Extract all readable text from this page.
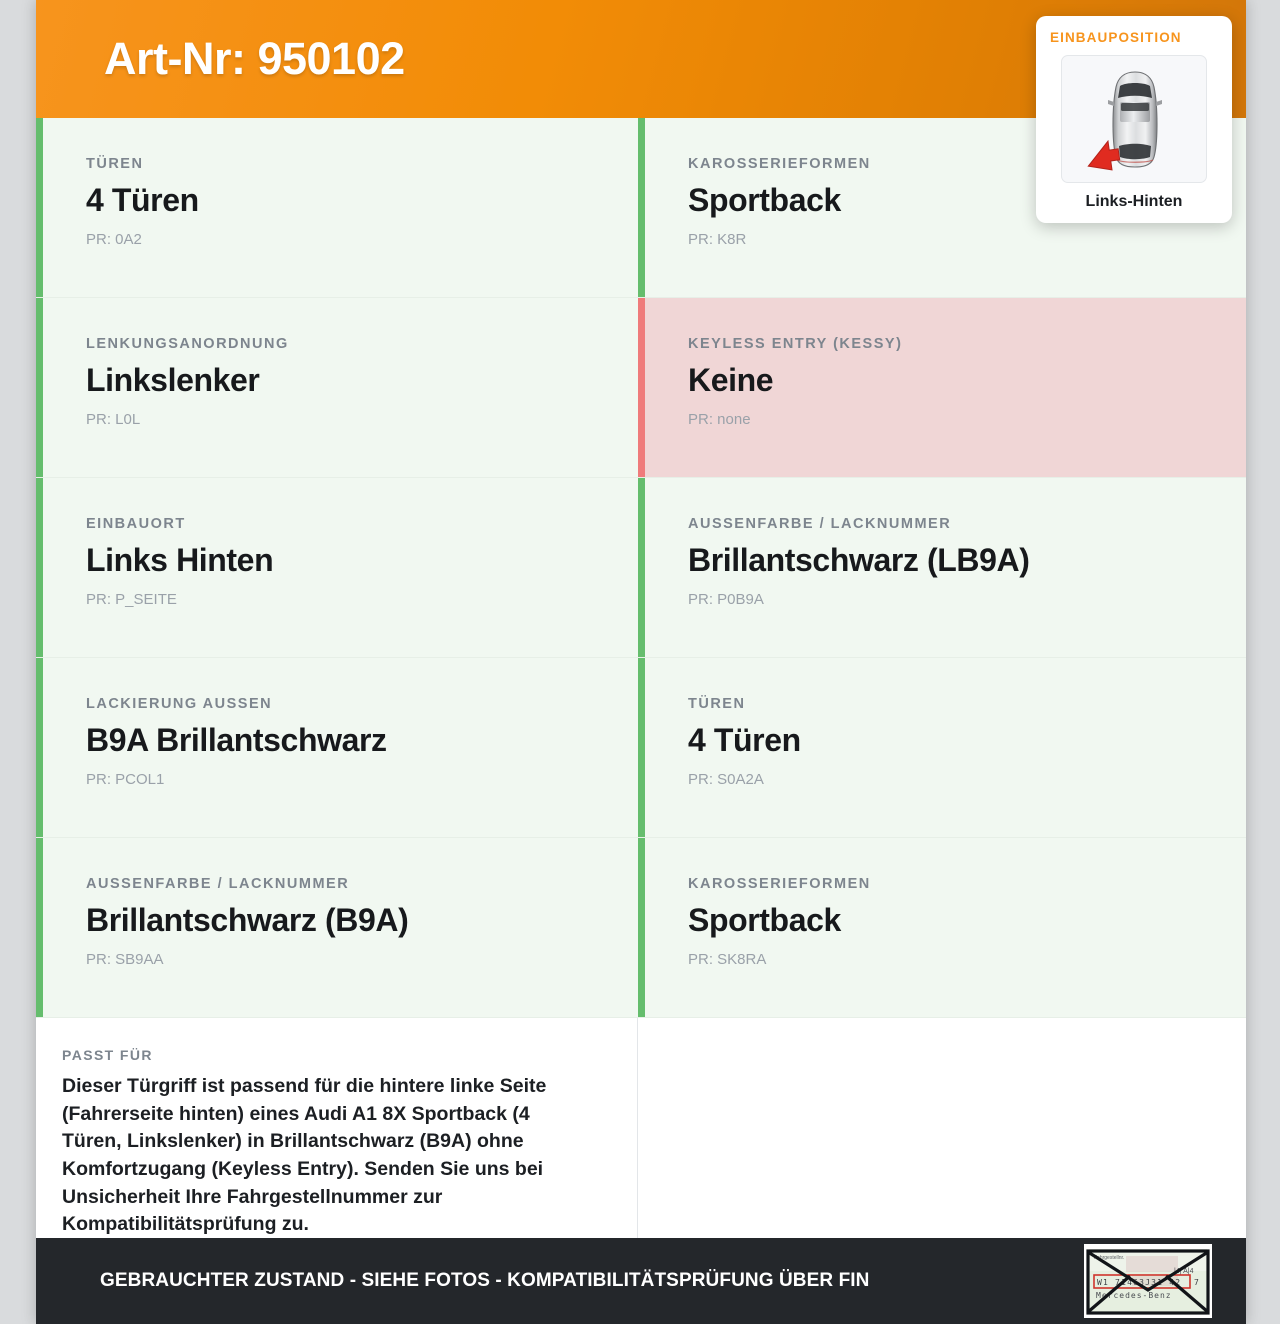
Art-Nr: 950102	EINBAUPOSITION
Links-Hinten
TÜREN
4 Türen
PR: 0A2
KAROSSERIEFORMEN
Sportback
PR: K8R
LENKUNGSANORDNUNG
Linkslenker
PR: L0L
KEYLESS ENTRY (KESSY)
Keine
PR: none
EINBAUORT
Links Hinten
PR: P_SEITE
AUSSENFARBE / LACKNUMMER
Brillantschwarz (LB9A)
PR: P0B9A
LACKIERUNG AUSSEN
B9A Brillantschwarz
PR: PCOL1
TÜREN
4 Türen
PR: S0A2A
AUSSENFARBE / LACKNUMMER
Brillantschwarz (B9A)
PR: SB9AA
KAROSSERIEFORMEN
Sportback
PR: SK8RA
PASST FÜR
Dieser Türgriff ist passend für die hintere linke Seite (Fahrerseite hinten) eines Audi A1 8X Sportback (4 Türen, Linkslenker) in Brillantschwarz (B9A) ohne Komfortzugang (Keyless Entry). Senden Sie uns bei Unsicherheit Ihre Fahrgestellnummer zur Kompatibilitätsprüfung zu.
GEBRAUCHTER ZUSTAND - SIEHE FOTOS - KOMPATIBILITÄTSPRÜFUNG ÜBER FIN
Fahrgestellnr.
|4| A|4
W1 71463J31 42 7
Mercedes-Benz
